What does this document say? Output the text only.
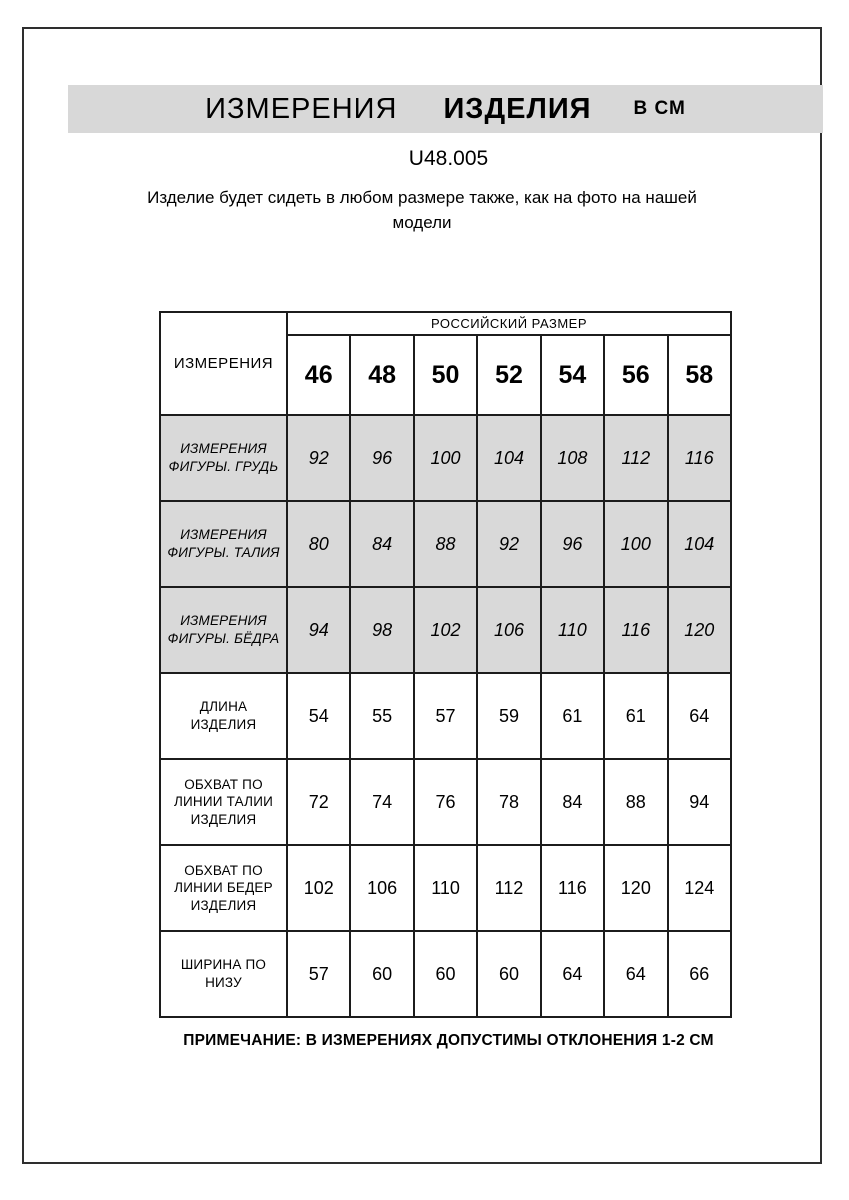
ИЗМЕРЕНИЯ ИЗДЕЛИЯ В СМ
U48.005

Изделие будет сидеть в любом размере также, как на фото на нашей модели

ИЗМЕРЕНИЯ	РОССИЙСКИЙ РАЗМЕР						
	46	48	50	52	54	56	58
ИЗМЕРЕНИЯ ФИГУРЫ. ГРУДЬ	92	96	100	104	108	112	116
ИЗМЕРЕНИЯ ФИГУРЫ. ТАЛИЯ	80	84	88	92	96	100	104
ИЗМЕРЕНИЯ ФИГУРЫ. БЁДРА	94	98	102	106	110	116	120
ДЛИНА ИЗДЕЛИЯ	54	55	57	59	61	61	64
ОБХВАТ ПО ЛИНИИ ТАЛИИ ИЗДЕЛИЯ	72	74	76	78	84	88	94
ОБХВАТ ПО ЛИНИИ БЕДЕР ИЗДЕЛИЯ	102	106	110	112	116	120	124
ШИРИНА ПО НИЗУ	57	60	60	60	64	64	66
ПРИМЕЧАНИЕ: В ИЗМЕРЕНИЯХ ДОПУСТИМЫ ОТКЛОНЕНИЯ 1-2 СМ
